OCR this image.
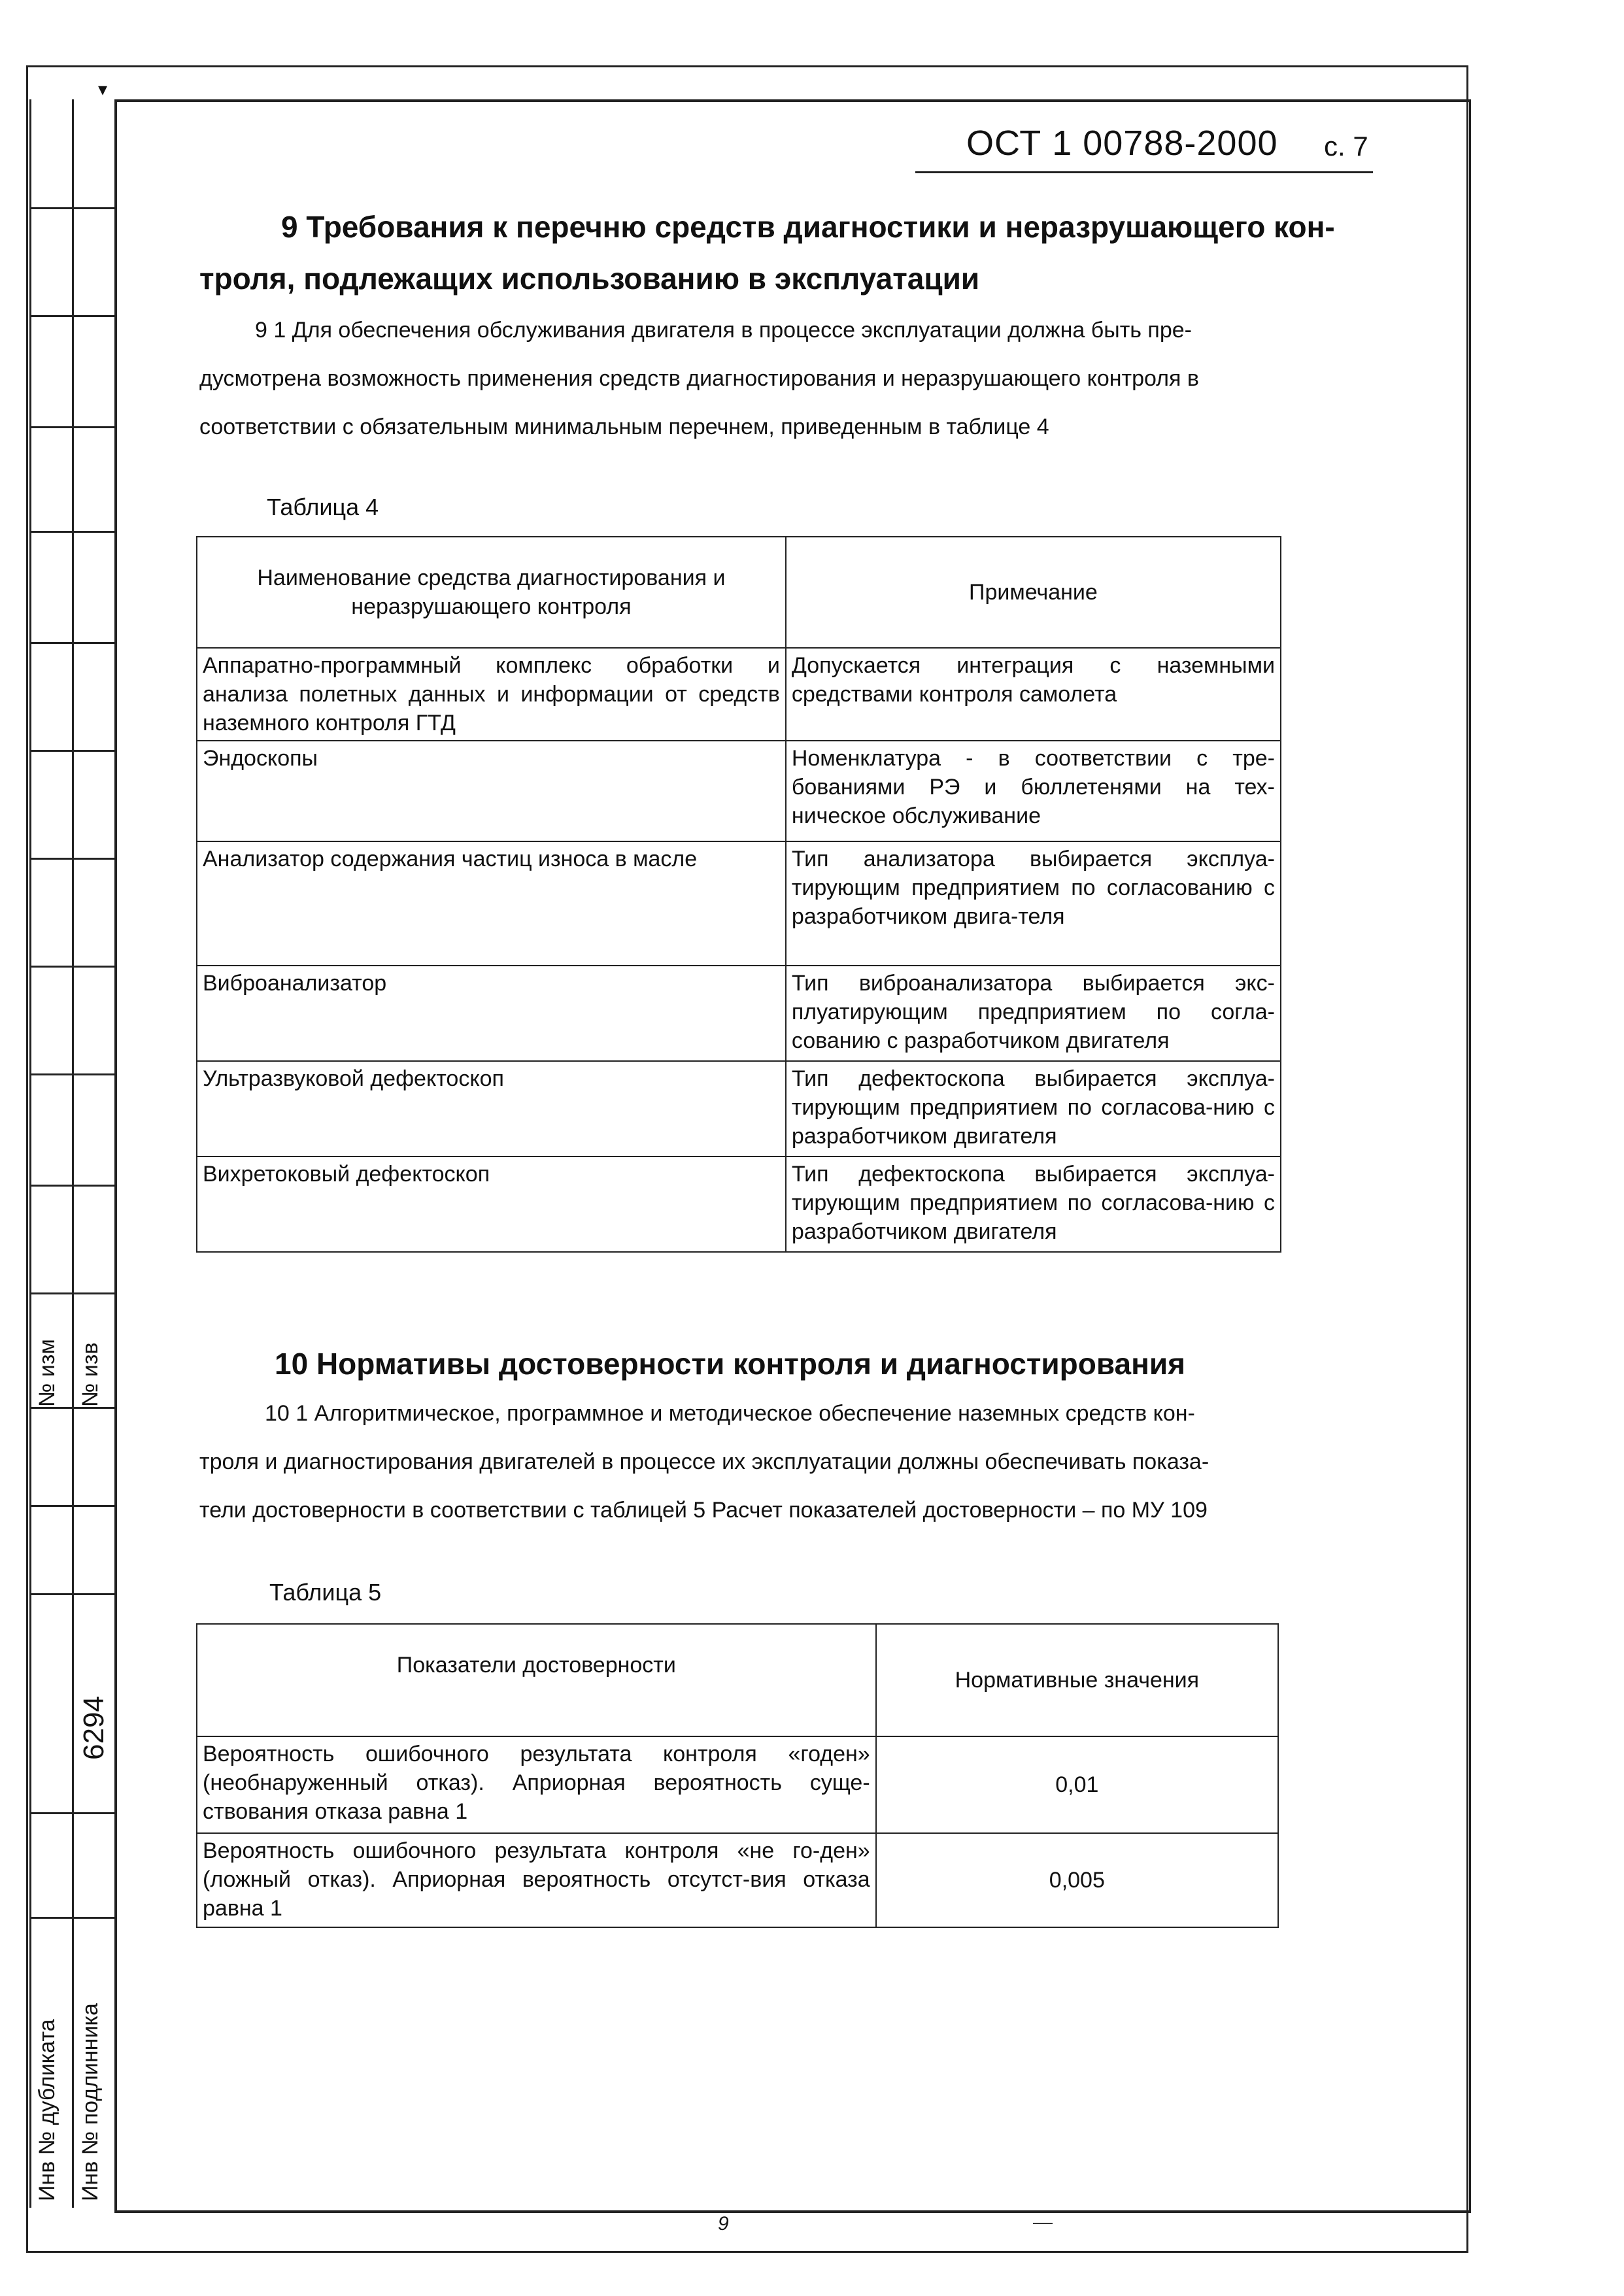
▾
№ изм № изв
6294
Инв № дубликата Инв № подлинника
ОСТ 1 00788-2000 с. 7
9 Требования к перечню средств диагностики и неразрушающего кон-
троля, подлежащих использованию в эксплуатации
9 1 Для обеспечения обслуживания двигателя в процессе эксплуатации должна быть пре-
дусмотрена возможность применения средств диагностирования и неразрушающего контроля в
соответствии с обязательным минимальным перечнем, приведенным в таблице 4
Таблица 4
Наименование средства диагностирования и неразрушающего контроля	Примечание
Аппаратно-программный комплекс обработки и анализа полетных данных и информации от средств наземного контроля ГТД	Допускается интеграция с наземными средствами контроля самолета
Эндоскопы	Номенклатура - в соответствии с тре-бованиями РЭ и бюллетенями на тех-ническое обслуживание
Анализатор содержания частиц износа в масле	Тип анализатора выбирается эксплуа-тирующим предприятием по согласованию с разработчиком двига-теля
Виброанализатор	Тип виброанализатора выбирается экс-плуатирующим предприятием по согла-сованию с разработчиком двигателя
Ультразвуковой дефектоскоп	Тип дефектоскопа выбирается эксплуа-тирующим предприятием по согласова-нию с разработчиком двигателя
Вихретоковый дефектоскоп	Тип дефектоскопа выбирается эксплуа-тирующим предприятием по согласова-нию с разработчиком двигателя
10 Нормативы достоверности контроля и диагностирования
10 1 Алгоритмическое, программное и методическое обеспечение наземных средств кон-
троля и диагностирования двигателей в процессе их эксплуатации должны обеспечивать показа-
тели достоверности в соответствии с таблицей 5 Расчет показателей достоверности – по МУ 109
Таблица 5
Показатели достоверности	Нормативные значения
Вероятность ошибочного результата контроля «годен» (необнаруженный отказ). Априорная вероятность суще-ствования отказа равна 1	0,01
Вероятность ошибочного результата контроля «не го-ден» (ложный отказ). Априорная вероятность отсутст-вия отказа равна 1	0,005
9
